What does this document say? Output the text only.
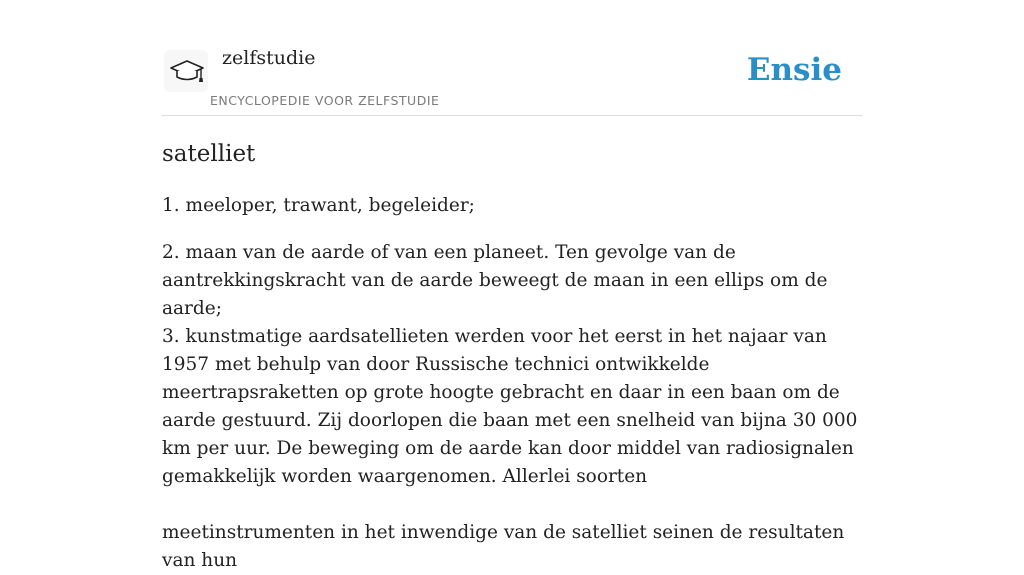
zelfstudie
ENCYCLOPEDIE VOOR ZELFSTUDIE
Ensie
satelliet

1. meeloper, trawant, begeleider;

2. maan van de aarde of van een planeet. Ten gevolge van de aantrekkingskracht van de aarde beweegt de maan in een ellips om de aarde;

3. kunstmatige aardsatellieten werden voor het eerst in het najaar van 1957 met behulp van door Russische technici ontwikkelde meertrapsraketten op grote hoogte gebracht en daar in een baan om de aarde gestuurd. Zij doorlopen die baan met een snelheid van bijna 30 000 km per uur. De beweging om de aarde kan door middel van radiosignalen gemakkelijk worden waargenomen. Allerlei soorten

meetinstrumenten in het inwendige van de satelliet seinen de resultaten van hun
